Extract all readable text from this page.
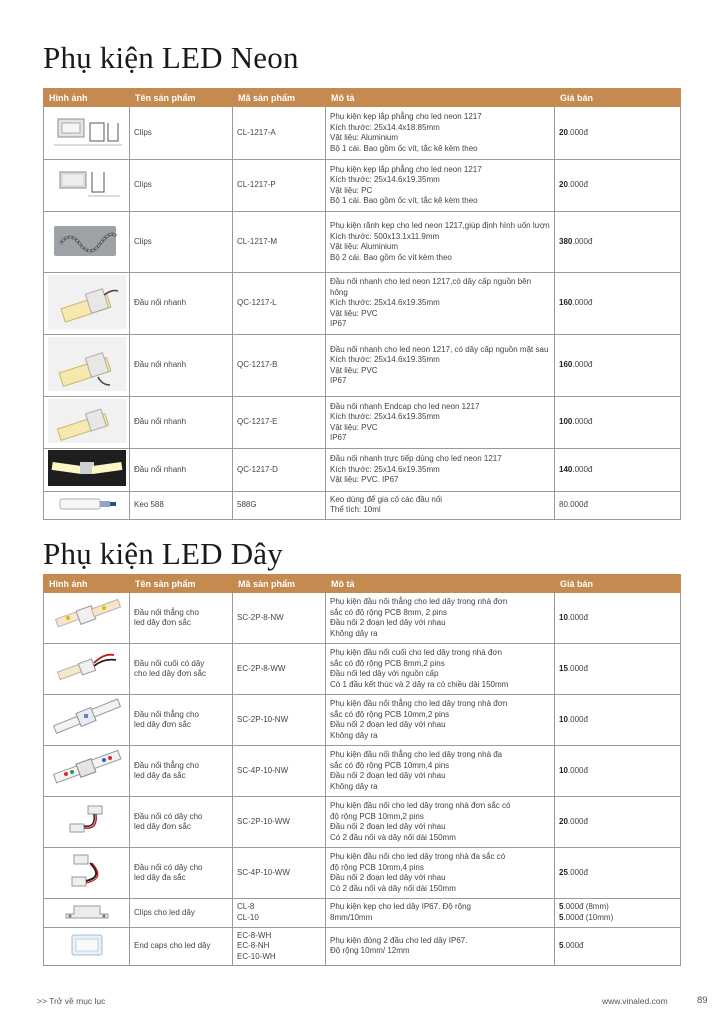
Phụ kiện LED Neon
Hình ảnh	Tên sản phẩm	Mã sản phẩm	Mô tả	Giá bán
	Clips	CL-1217-A	Phụ kiện kẹp lắp phẳng cho led neon 1217
Kích thước: 25x14.4x18.85mm
Vật liệu: Aluminium
Bộ 1 cái. Bao gồm ốc vít, tắc kê kèm theo	20.000đ
	Clips	CL-1217-P	Phụ kiện kẹp lắp phẳng cho led neon 1217
Kích thước: 25x14.6x19.35mm
Vật liệu: PC
Bộ 1 cái. Bao gồm ốc vít, tắc kê kèm theo	20.000đ
	Clips	CL-1217-M	Phụ kiện rãnh kẹp cho led neon 1217,giúp định hình uốn lượn
Kích thước: 500x13.1x11.9mm
Vật liệu: Aluminium
Bộ 2 cái. Bao gồm ốc vít kèm theo	380.000đ
	Đầu nối nhanh	QC-1217-L	Đầu nối nhanh cho led neon 1217,có dây cấp nguồn bên hông
Kích thước: 25x14.6x19.35mm
Vật liệu: PVC
IP67	160.000đ
	Đầu nối nhanh	QC-1217-B	Đầu nối nhanh cho led neon 1217, có dây cấp nguồn mặt sau
Kích thước: 25x14.6x19.35mm
Vật liệu: PVC
IP67	160.000đ
	Đầu nối nhanh	QC-1217-E	Đầu nối nhanh Endcap cho led neon 1217
Kích thước: 25x14.6x19.35mm
Vật liệu: PVC
IP67	100.000đ
	Đầu nối nhanh	QC-1217-D	Đầu nối nhanh trực tiếp dùng cho led neon 1217
Kích thước: 25x14.6x19.35mm
Vật liệu: PVC. IP67	140.000đ
	Keo 588	588G	Keo dùng để gia cố các đầu nối
Thể tích: 10ml	80.000đ
Phụ kiện LED Dây
Hình ảnh	Tên sản phẩm	Mã sản phẩm	Mô tả	Giá bán

Đầu nối thẳng cho
led dây đơn sắc	SC-2P-8-NW	Phụ kiện đầu nối thẳng cho led dây trong nhà đơn
sắc có độ rộng PCB 8mm, 2 pins
Đầu nối 2 đoạn led dây với nhau
Không dây ra	10.000đ

Đầu nối cuối có dây
cho led dây đơn sắc	EC-2P-8-WW	Phụ kiện đầu nối cuối cho led dây trong nhà đơn
sắc có độ rộng PCB 8mm,2 pins
Đầu nối led dây với nguồn cấp
Có 1 đầu kết thúc và 2 dây ra có chiều dài 150mm	15.000đ

Đầu nối thẳng cho
led dây đơn sắc	SC-2P-10-NW	Phụ kiện đầu nối thẳng cho led dây trong nhà đơn
sắc có độ rộng PCB 10mm,2 pins
Đầu nối 2 đoạn led dây với nhau
Không dây ra	10.000đ

Đầu nối thẳng cho
led dây đa sắc	SC-4P-10-NW	Phụ kiện đầu nối thẳng cho led dây trong nhà đa
sắc có độ rộng PCB 10mm,4 pins
Đầu nối 2 đoạn led dây với nhau
Không dây ra	10.000đ

Đầu nối có dây cho
led dây đơn sắc	SC-2P-10-WW	Phụ kiện đầu nối cho led dây trong nhà đơn sắc có
độ rộng PCB 10mm,2 pins
Đầu nối 2 đoạn led dây với nhau
Có 2 đầu nối và dây nối dài 150mm	20.000đ

Đầu nối có dây cho
led dây đa sắc	SC-4P-10-WW	Phụ kiện đầu nối cho led dây trong nhà đa sắc có
độ rộng PCB 10mm,4 pins
Đầu nối 2 đoạn led dây với nhau
Có 2 đầu nối và dây nối dài 150mm	25.000đ

Clips cho led dây	CL-8
CL-10	Phụ kiện kẹp cho led dây IP67. Độ rộng
8mm/10mm	5.000đ (8mm)
5.000đ (10mm)

End caps cho led dây	EC-8-WH
EC-8-NH
EC-10-WH	Phụ kiện đóng 2 đầu cho led dây IP67.
Độ rộng 10mm/ 12mm	5.000đ
>> Trở về mục lục	www.vinaled.com	89
